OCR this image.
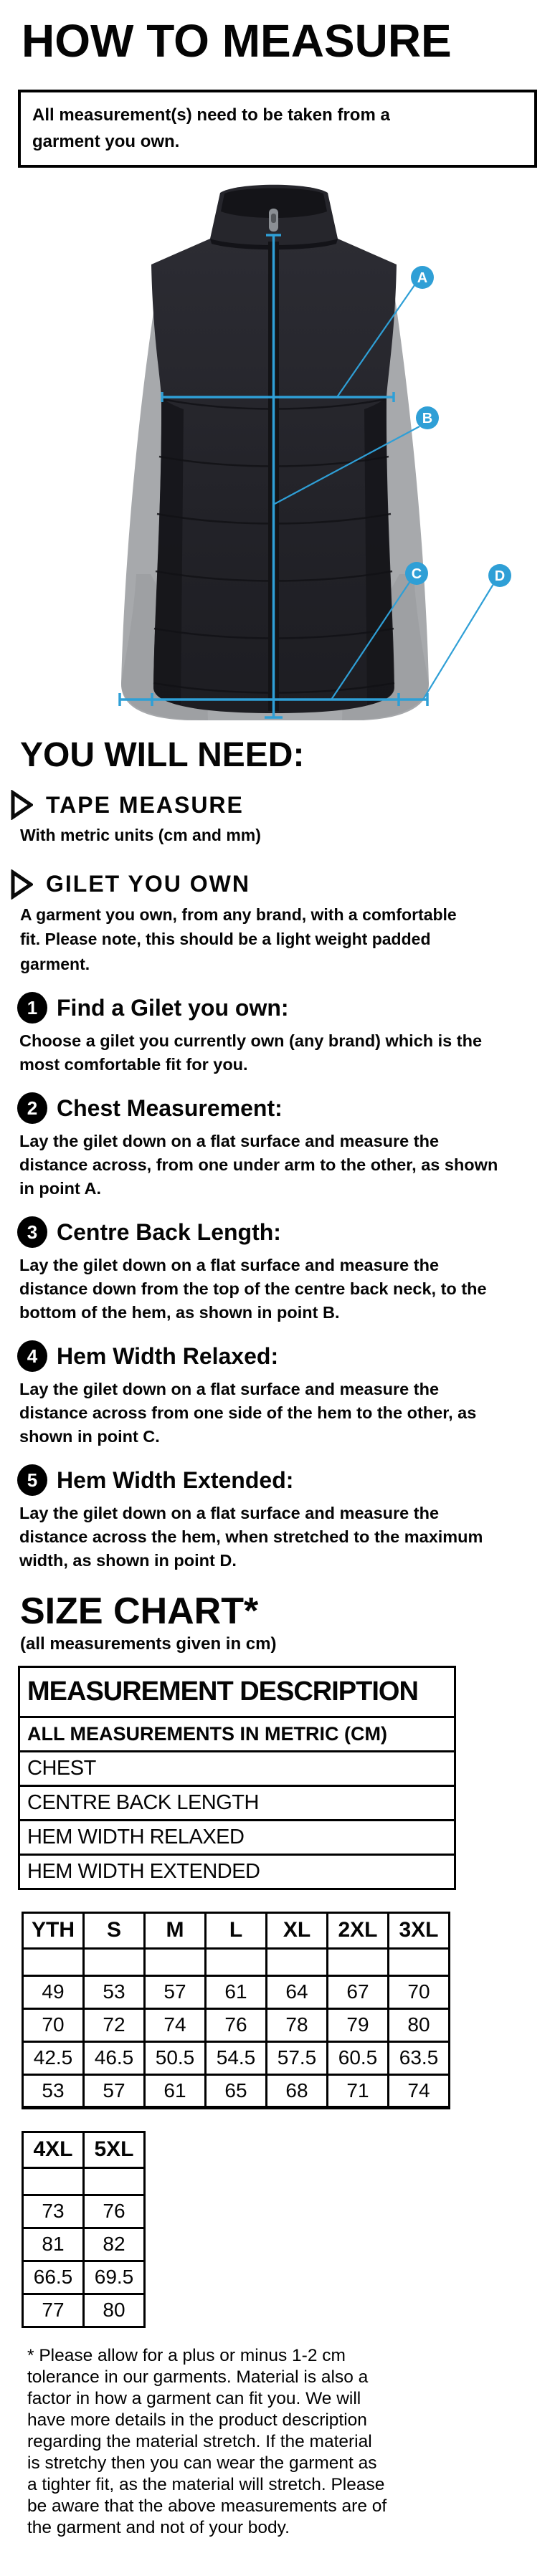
HOW TO MEASURE

All measurement(s) need to be taken from a garment you own.

A
B
C	D
YOU WILL NEED:
TAPE MEASURE
With metric units (cm and mm)
GILET YOU OWN
A garment you own, from any brand, with a comfortable fit. Please note, this should be a light weight padded garment.
1 Find a Gilet you own:

Choose a gilet you currently own (any brand) which is the most comfortable fit for you.

2 Chest Measurement:

Lay the gilet down on a flat surface and measure the distance across, from one under arm to the other, as shown in point A.

3 Centre Back Length:

Lay the gilet down on a flat surface and measure the distance down from the top of the centre back neck, to the bottom of the hem, as shown in point B.

4 Hem Width Relaxed:

Lay the gilet down on a flat surface and measure the distance across from one side of the hem to the other, as shown in point C.

5 Hem Width Extended:

Lay the gilet down on a flat surface and measure the distance across the hem, when stretched to the maximum width, as shown in point D.

SIZE CHART*
(all measurements given in cm)
MEASUREMENT DESCRIPTION
ALL MEASUREMENTS IN METRIC (CM)
CHEST
CENTRE BACK LENGTH
HEM WIDTH RELAXED
HEM WIDTH EXTENDED
YTH	S	M	L	XL	2XL	3XL

49	53	57	61	64	67	70
70	72	74	76	78	79	80
42.5	46.5	50.5	54.5	57.5	60.5	63.5
53	57	61	65	68	71	74
4XL	5XL

73	76
81	82
66.5	69.5
77	80

* Please allow for a plus or minus 1-2 cm tolerance in our garments. Material is also a factor in how a garment can fit you. We will have more details in the product description regarding the material stretch. If the material is stretchy then you can wear the garment as a tighter fit, as the material will stretch. Please be aware that the above measurements are of the garment and not of your body.
